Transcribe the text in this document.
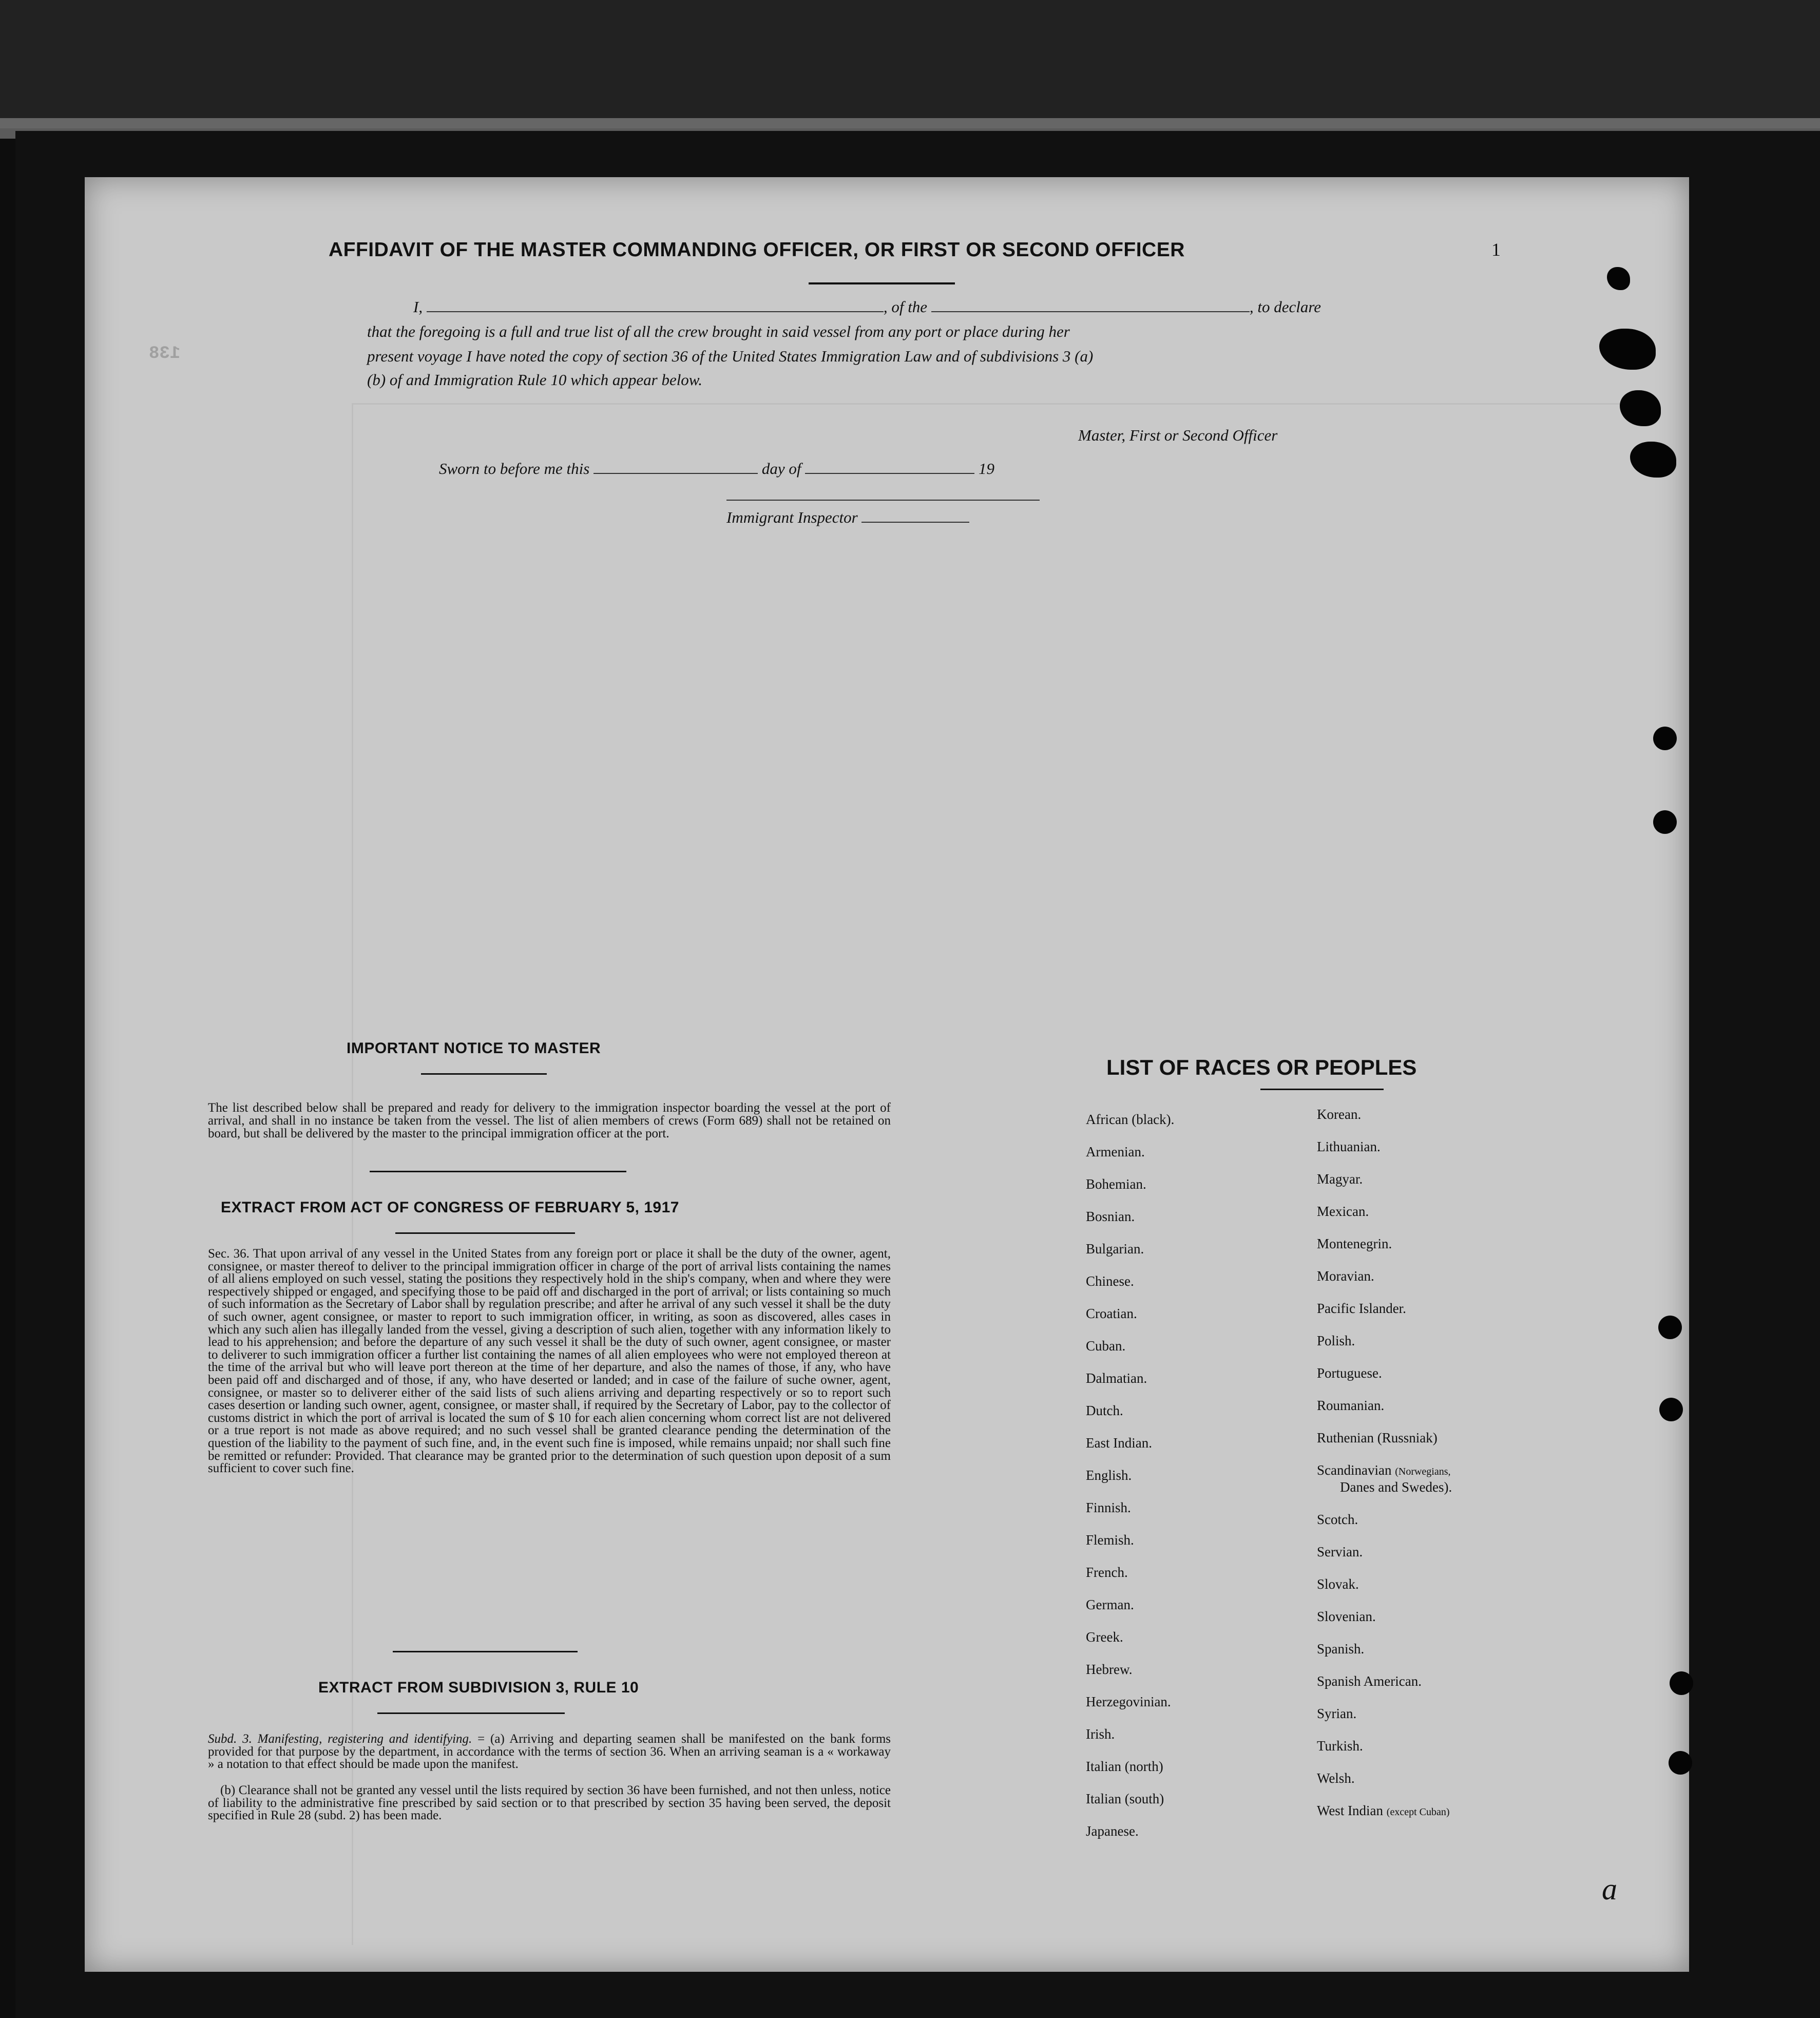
138
AFFIDAVIT OF THE MASTER COMMANDING OFFICER, OR FIRST OR SECOND OFFICER	1
I,	, of the	, to declare
that the foregoing is a full and true list of all the crew brought in said vessel from any port or place during her
present voyage I have noted the copy of section 36 of the United States Immigration Law and of subdivisions 3 (a)
(b) of and Immigration Rule 10 which appear below.
Master, First or Second Officer
Sworn to before me this	day of	19
Immigrant Inspector
IMPORTANT NOTICE TO MASTER
The list described below shall be prepared and ready for delivery to the immigration inspector boarding the vessel at the port of arrival, and shall in no instance be taken from the vessel. The list of alien members of crews (Form 689) shall not be retained on board, but shall be delivered by the master to the principal immigration officer at the port.
EXTRACT FROM ACT OF CONGRESS OF FEBRUARY 5, 1917
Sec. 36. That upon arrival of any vessel in the United States from any foreign port or place it shall be the duty of the owner, agent, consignee, or master thereof to deliver to the principal immigration officer in charge of the port of arrival lists containing the names of all aliens employed on such vessel, stating the positions they respectively hold in the ship's company, when and where they were respectively shipped or engaged, and specifying those to be paid off and discharged in the port of arrival; or lists containing so much of such information as the Secretary of Labor shall by regulation prescribe; and after he arrival of any such vessel it shall be the duty of such owner, agent consignee, or master to report to such immigration officer, in writing, as soon as discovered, alles cases in which any such alien has illegally landed from the vessel, giving a description of such alien, together with any information likely to lead to his apprehension; and before the departure of any such vessel it shall be the duty of such owner, agent consignee, or master to deliverer to such immigration officer a further list containing the names of all alien employees who were not employed thereon at the time of the arrival but who will leave port thereon at the time of her departure, and also the names of those, if any, who have been paid off and discharged and of those, if any, who have deserted or landed; and in case of the failure of suche owner, agent, consignee, or master so to deliverer either of the said lists of such aliens arriving and departing respectively or so to report such cases desertion or landing such owner, agent, consignee, or master shall, if required by the Secretary of Labor, pay to the collector of customs district in which the port of arrival is located the sum of $ 10 for each alien concerning whom correct list are not delivered or a true report is not made as above required; and no such vessel shall be granted clearance pending the determination of the question of the liability to the payment of such fine, and, in the event such fine is imposed, while remains unpaid; nor shall such fine be remitted or refunder: Provided. That clearance may be granted prior to the determination of such question upon deposit of a sum sufficient to cover such fine.
EXTRACT FROM SUBDIVISION 3, RULE 10
Subd. 3. Manifesting, registering and identifying. = (a) Arriving and departing seamen shall be manifested on the bank forms provided for that purpose by the department, in accordance with the terms of section 36. When an arriving seaman is a « workaway » a notation to that effect should be made upon the manifest.
(b) Clearance shall not be granted any vessel until the lists required by section 36 have been furnished, and not then unless, notice of liability to the administrative fine prescribed by said section or to that prescribed by section 35 having been served, the deposit specified in Rule 28 (subd. 2) has been made.
LIST OF RACES OR PEOPLES
African (black).
Armenian.
Bohemian.
Bosnian.
Bulgarian.
Chinese.
Croatian.
Cuban.
Dalmatian.
Dutch.
East Indian.
English.
Finnish.
Flemish.
French.
German.
Greek.
Hebrew.
Herzegovinian.
Irish.
Italian (north)
Italian (south)
Japanese.
Korean.
Lithuanian.
Magyar.
Mexican.
Montenegrin.
Moravian.
Pacific Islander.
Polish.
Portuguese.
Roumanian.
Ruthenian (Russniak)
Scandinavian (Norwegians,
Danes and Swedes).
Scotch.
Servian.
Slovak.
Slovenian.
Spanish.
Spanish American.
Syrian.
Turkish.
Welsh.
West Indian (except Cuban)
a
